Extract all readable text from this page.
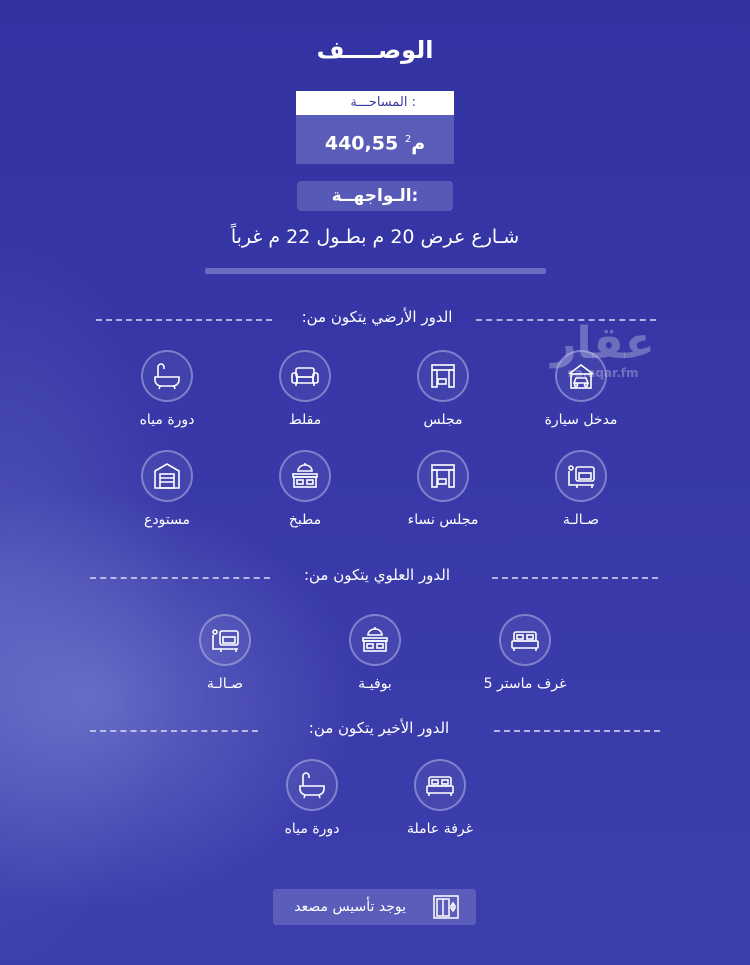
الوصــــف
المساحـــة :
440,55 م$^2$
الـواجهــة:
شـارع عرض 20 م بطـول 22 م غرباً
عقار
sa.aqar.fm
الدور الأرضي يتكون من:
مدخل سيارة
مجلس
مقلط
دورة مياه
صـالـة
مجلس نساء
مطبخ
مستودع
الدور العلوي يتكون من:
5 غرف ماستر
بوفيـة
صـالـة
الدور الأخير يتكون من:
غرفة عاملة
دورة مياه
يوجد تأسيس مصعد
